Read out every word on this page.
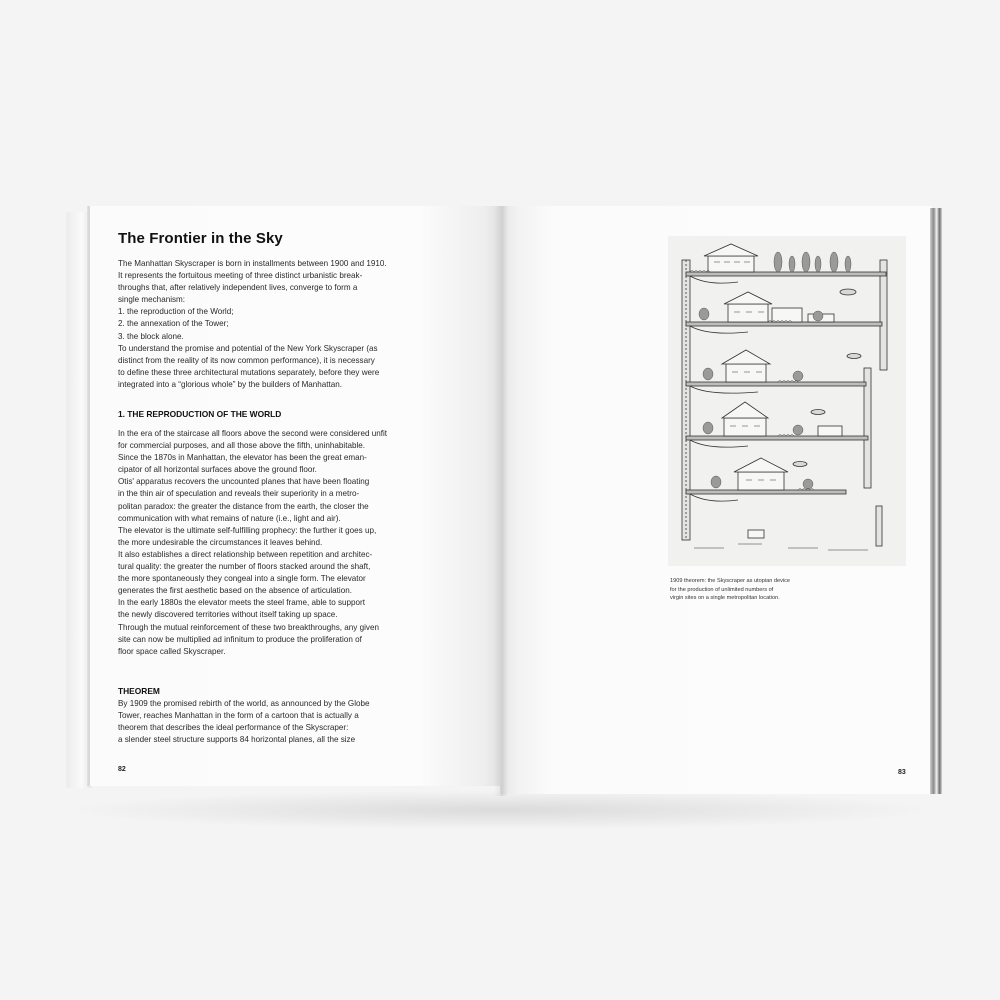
The Frontier in the Sky
The Manhattan Skyscraper is born in installments between 1900 and 1910.
It represents the fortuitous meeting of three distinct urbanistic break-
throughs that, after relatively independent lives, converge to form a
single mechanism:
1. the reproduction of the World;
2. the annexation of the Tower;
3. the block alone.
To understand the promise and potential of the New York Skyscraper (as
distinct from the reality of its now common performance), it is necessary
to define these three architectural mutations separately, before they were
integrated into a “glorious whole” by the builders of Manhattan.
1. THE REPRODUCTION OF THE WORLD
In the era of the staircase all floors above the second were considered unfit
for commercial purposes, and all those above the fifth, uninhabitable.
Since the 1870s in Manhattan, the elevator has been the great eman-
cipator of all horizontal surfaces above the ground floor.
Otis' apparatus recovers the uncounted planes that have been floating
in the thin air of speculation and reveals their superiority in a metro-
politan paradox: the greater the distance from the earth, the closer the
communication with what remains of nature (i.e., light and air).
The elevator is the ultimate self-fulfilling prophecy: the further it goes up,
the more undesirable the circumstances it leaves behind.
It also establishes a direct relationship between repetition and architec-
tural quality: the greater the number of floors stacked around the shaft,
the more spontaneously they congeal into a single form. The elevator
generates the first aesthetic based on the absence of articulation.
In the early 1880s the elevator meets the steel frame, able to support
the newly discovered territories without itself taking up space.
Through the mutual reinforcement of these two breakthroughs, any given
site can now be multiplied ad infinitum to produce the proliferation of
floor space called Skyscraper.
THEOREM
By 1909 the promised rebirth of the world, as announced by the Globe
Tower, reaches Manhattan in the form of a cartoon that is actually a
theorem that describes the ideal performance of the Skyscraper:
a slender steel structure supports 84 horizontal planes, all the size
82
1909 theorem: the Skyscraper as utopian device
for the production of unlimited numbers of
virgin sites on a single metropolitan location.
83
